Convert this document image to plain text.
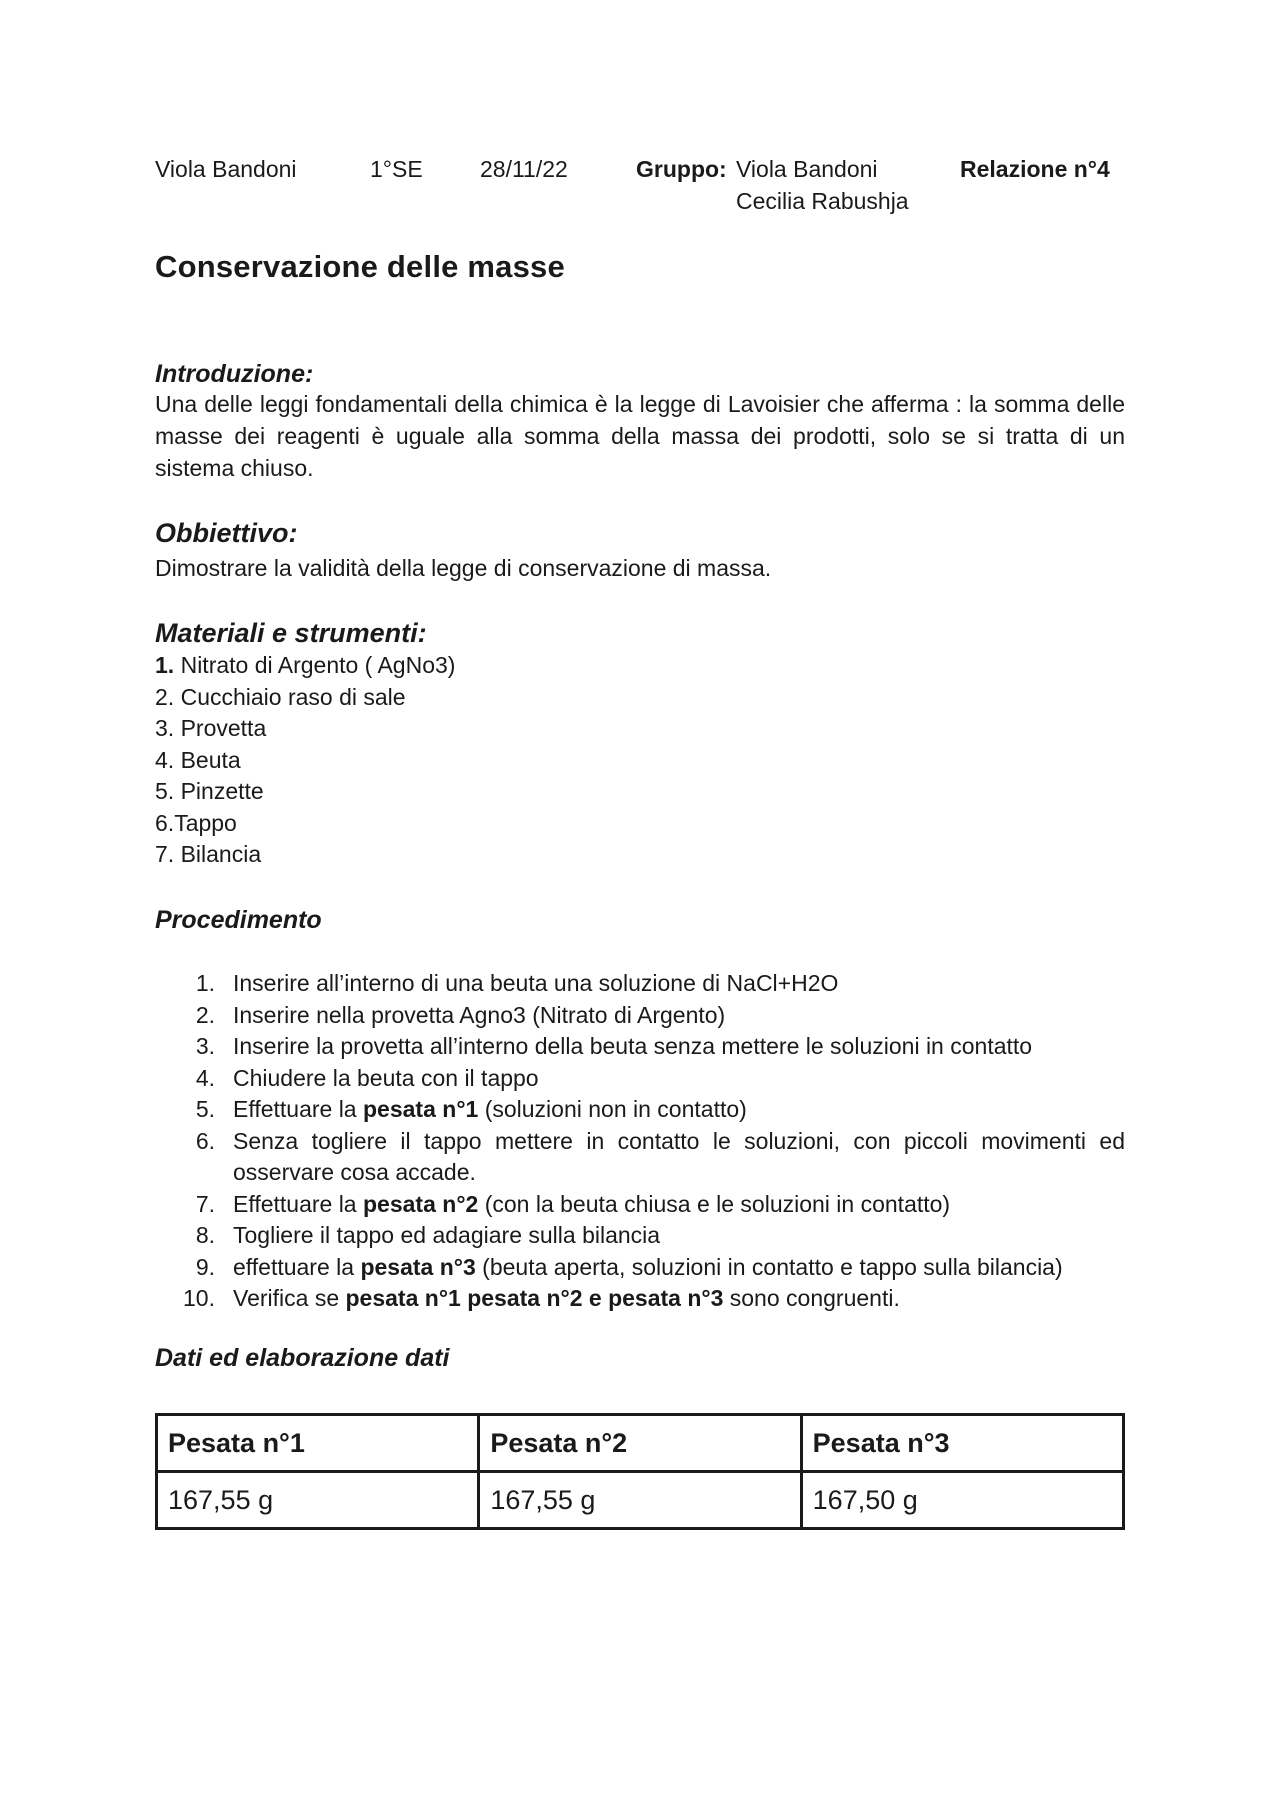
Viola Bandoni	1°SE 28/11/22	Gruppo: Viola Bandoni
Cecilia Rabushja
Relazione n°4
Conservazione delle masse
Introduzione:
Una delle leggi fondamentali della chimica è la legge di Lavoisier che afferma : la somma delle masse dei reagenti è uguale alla somma della massa dei prodotti, solo se si tratta di un sistema chiuso.
Obbiettivo:
Dimostrare la validità della legge di conservazione di massa.
Materiali e strumenti:
1. Nitrato di Argento ( AgNo3)
2. Cucchiaio raso di sale
3. Provetta
4. Beuta
5. Pinzette
6.Tappo
7. Bilancia
Procedimento
1. Inserire all’interno di una beuta una soluzione di NaCl+H2O
2. Inserire nella provetta Agno3 (Nitrato di Argento)
3. Inserire la provetta all’interno della beuta senza mettere le soluzioni in contatto
4. Chiudere la beuta con il tappo
5. Effettuare la pesata n°1 (soluzioni non in contatto)
6. Senza togliere il tappo mettere in contatto le soluzioni, con piccoli movimenti ed osservare cosa accade.
7. Effettuare la pesata n°2 (con la beuta chiusa e le soluzioni in contatto)
8. Togliere il tappo ed adagiare sulla bilancia
9. effettuare la pesata n°3 (beuta aperta, soluzioni in contatto e tappo sulla bilancia)
10. Verifica se pesata n°1 pesata n°2 e pesata n°3 sono congruenti.
Dati ed elaborazione dati
Pesata n°1	Pesata n°2	Pesata n°3
167,55 g	167,55 g	167,50 g
